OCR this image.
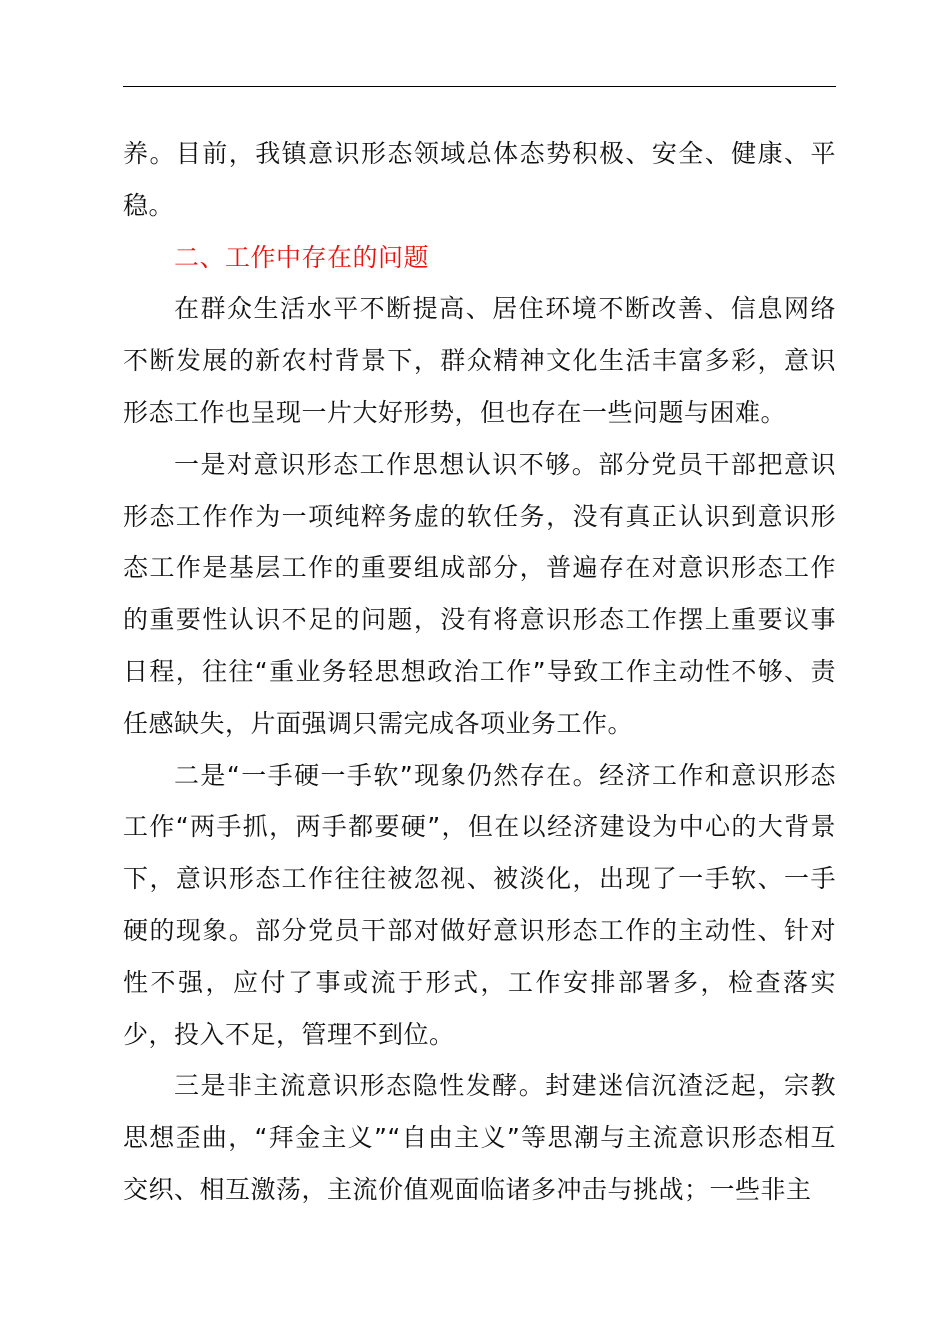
养。目前，我镇意识形态领域总体态势积极、安全、健康、平稳。

二、工作中存在的问题

在群众生活水平不断提高、居住环境不断改善、信息网络不断发展的新农村背景下，群众精神文化生活丰富多彩，意识形态工作也呈现一片大好形势，但也存在一些问题与困难。

一是对意识形态工作思想认识不够。部分党员干部把意识形态工作作为一项纯粹务虚的软任务，没有真正认识到意识形态工作是基层工作的重要组成部分，普遍存在对意识形态工作的重要性认识不足的问题，没有将意识形态工作摆上重要议事日程，往往“重业务轻思想政治工作”导致工作主动性不够、责任感缺失，片面强调只需完成各项业务工作。

二是“一手硬一手软”现象仍然存在。经济工作和意识形态工作“两手抓，两手都要硬”，但在以经济建设为中心的大背景下，意识形态工作往往被忽视、被淡化，出现了一手软、一手硬的现象。部分党员干部对做好意识形态工作的主动性、针对性不强，应付了事或流于形式，工作安排部署多，检查落实少，投入不足，管理不到位。

三是非主流意识形态隐性发酵。封建迷信沉渣泛起，宗教思想歪曲，“拜金主义”“自由主义”等思潮与主流意识形态相互交织、相互激荡，主流价值观面临诸多冲击与挑战；一些非主
